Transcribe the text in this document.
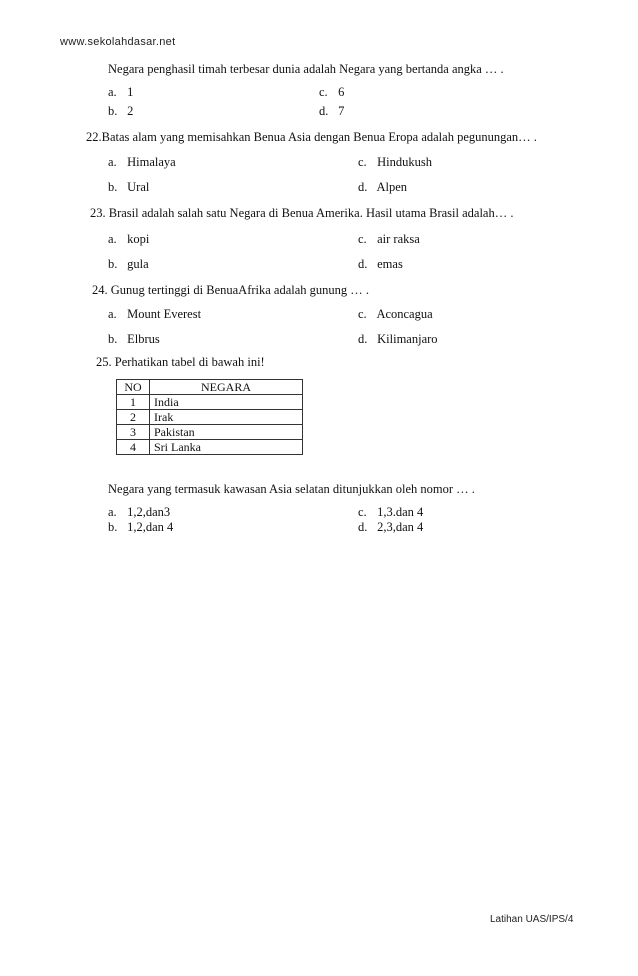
www.sekolahdasar.net
Negara penghasil timah terbesar dunia adalah Negara yang bertanda angka … .
a. 1
b. 2
c. 6
d. 7
22.Batas alam yang memisahkan Benua Asia dengan Benua Eropa adalah pegunungan… .
a. Himalaya
b. Ural
c. Hindukush
d. Alpen
23. Brasil adalah salah satu Negara di Benua Amerika. Hasil utama Brasil adalah… .
a. kopi
b. gula
c. air raksa
d. emas
24. Gunug tertinggi di BenuaAfrika adalah gunung … .
a. Mount Everest
b. Elbrus
c. Aconcagua
d. Kilimanjaro
25. Perhatikan tabel di bawah ini!
NO	NEGARA
1	India
2	Irak
3	Pakistan
4	Sri Lanka
Negara yang termasuk kawasan Asia selatan ditunjukkan oleh nomor … .
a. 1,2,dan3
b. 1,2,dan 4
c. 1,3.dan 4
d. 2,3,dan 4
Latihan UAS/IPS/4
